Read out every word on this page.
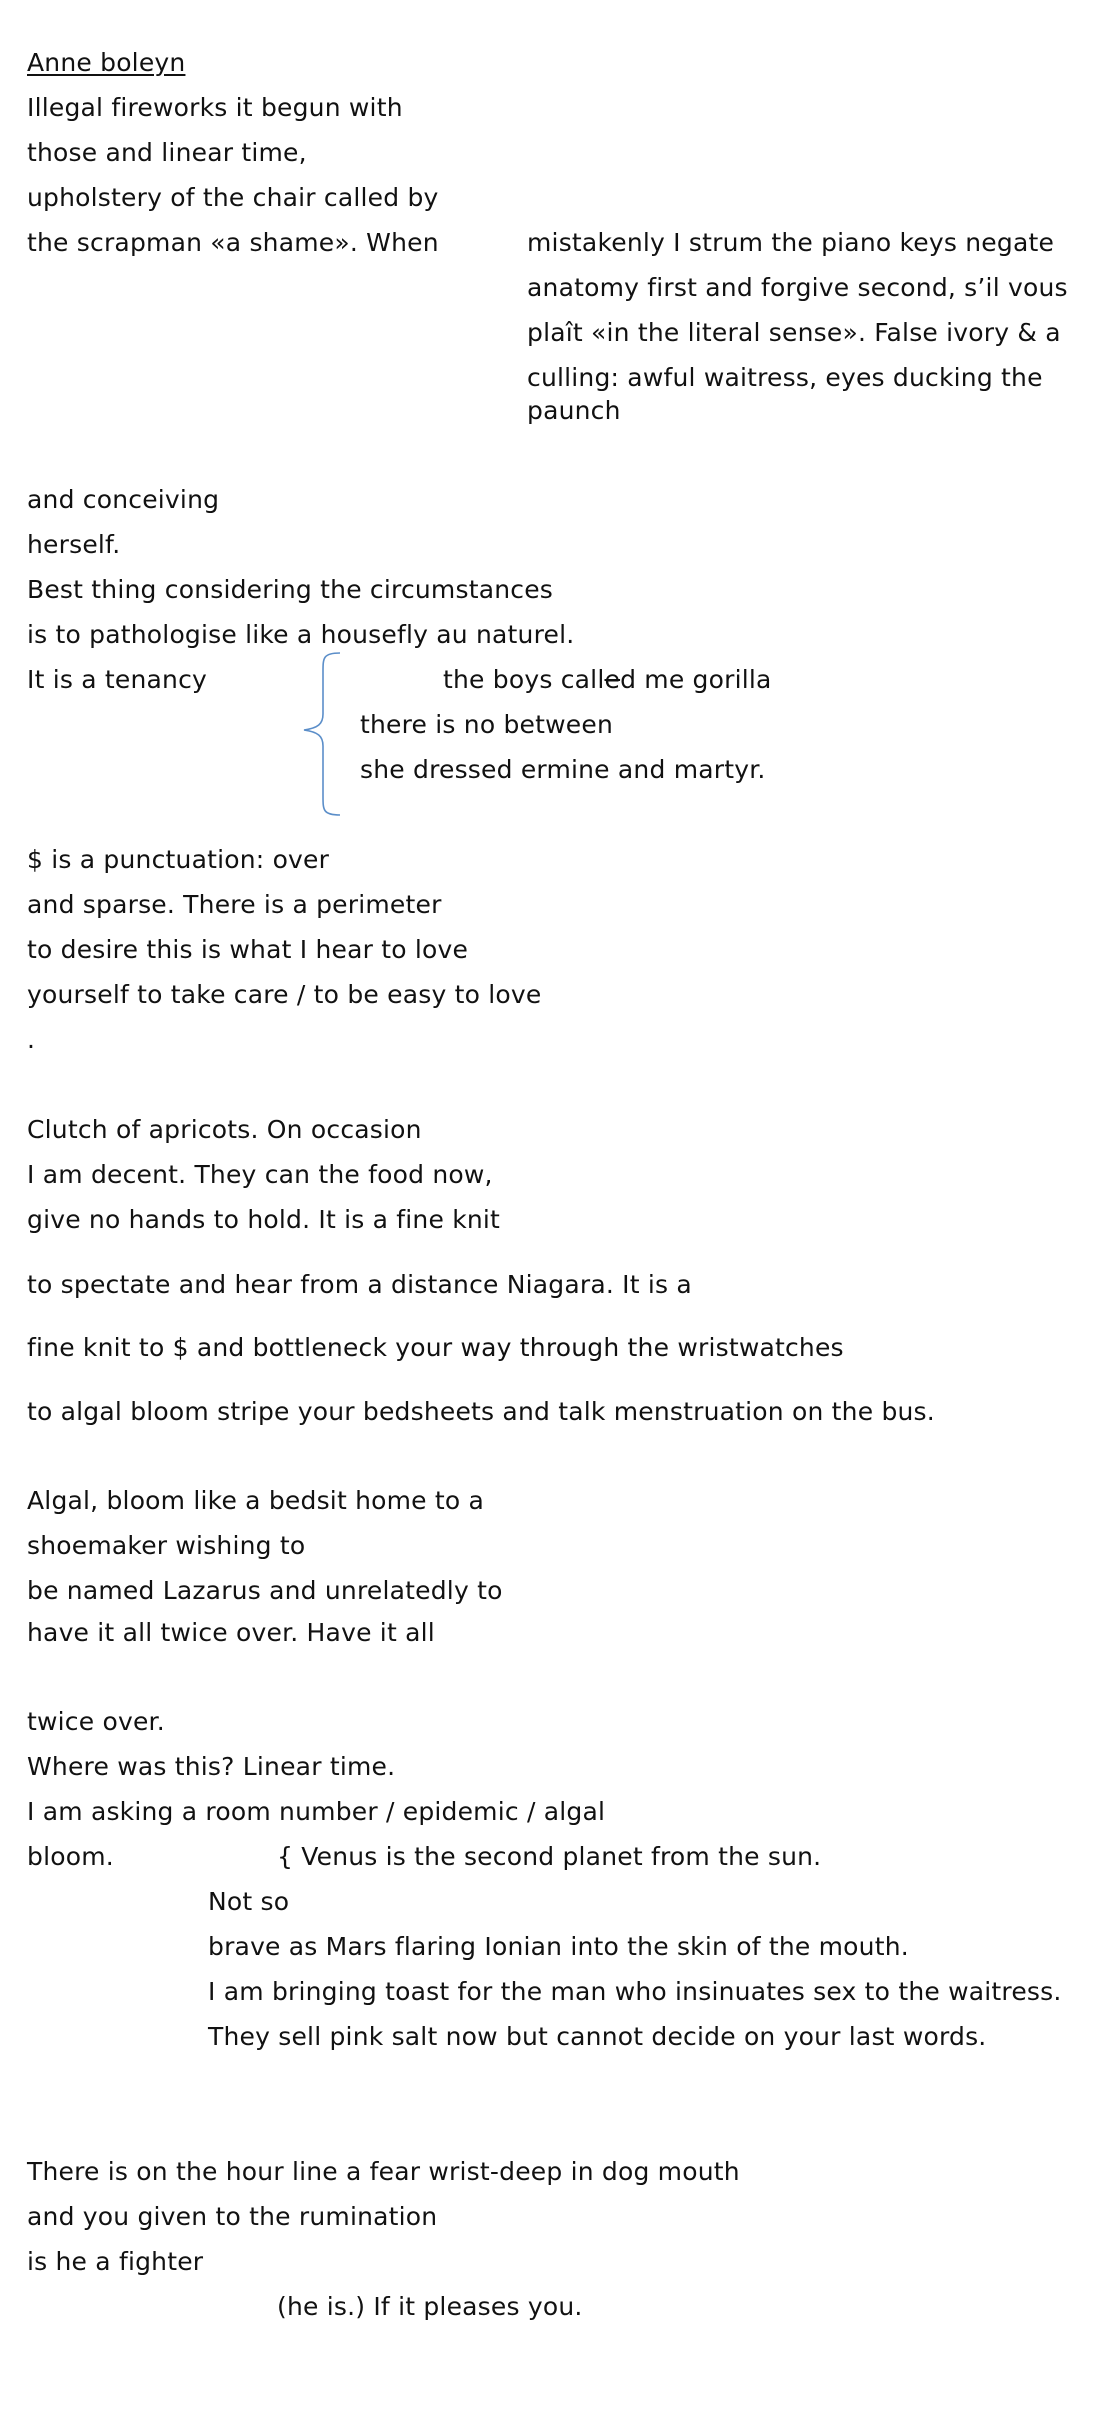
Anne boleyn
Illegal fireworks it begun with
those and linear time,
upholstery of the chair called by
the scrapman «a shame». When	mistakenly I strum the piano keys negate
anatomy first and forgive second, s’il vous
plaît «in the literal sense». False ivory & a
culling: awful waitress, eyes ducking the
paunch
and conceiving
herself.
Best thing considering the circumstances
is to pathologise like a housefly au naturel.
It is a tenancy	the boys called me gorilla
there is no between
she dressed ermine and martyr.
$ is a punctuation: over
and sparse. There is a perimeter
to desire this is what I hear to love
yourself to take care / to be easy to love
.
Clutch of apricots. On occasion
I am decent. They can the food now,
give no hands to hold. It is a fine knit
to spectate and hear from a distance Niagara. It is a
fine knit to $ and bottleneck your way through the wristwatches
to algal bloom stripe your bedsheets and talk menstruation on the bus.
Algal, bloom like a bedsit home to a
shoemaker wishing to
be named Lazarus and unrelatedly to
have it all twice over. Have it all
twice over.
Where was this? Linear time.
I am asking a room number / epidemic / algal
bloom.	{ Venus is the second planet from the sun.
Not so
brave as Mars flaring Ionian into the skin of the mouth.
I am bringing toast for the man who insinuates sex to the waitress.
They sell pink salt now but cannot decide on your last words.
There is on the hour line a fear wrist-deep in dog mouth
and you given to the rumination
is he a fighter
(he is.) If it pleases you.
